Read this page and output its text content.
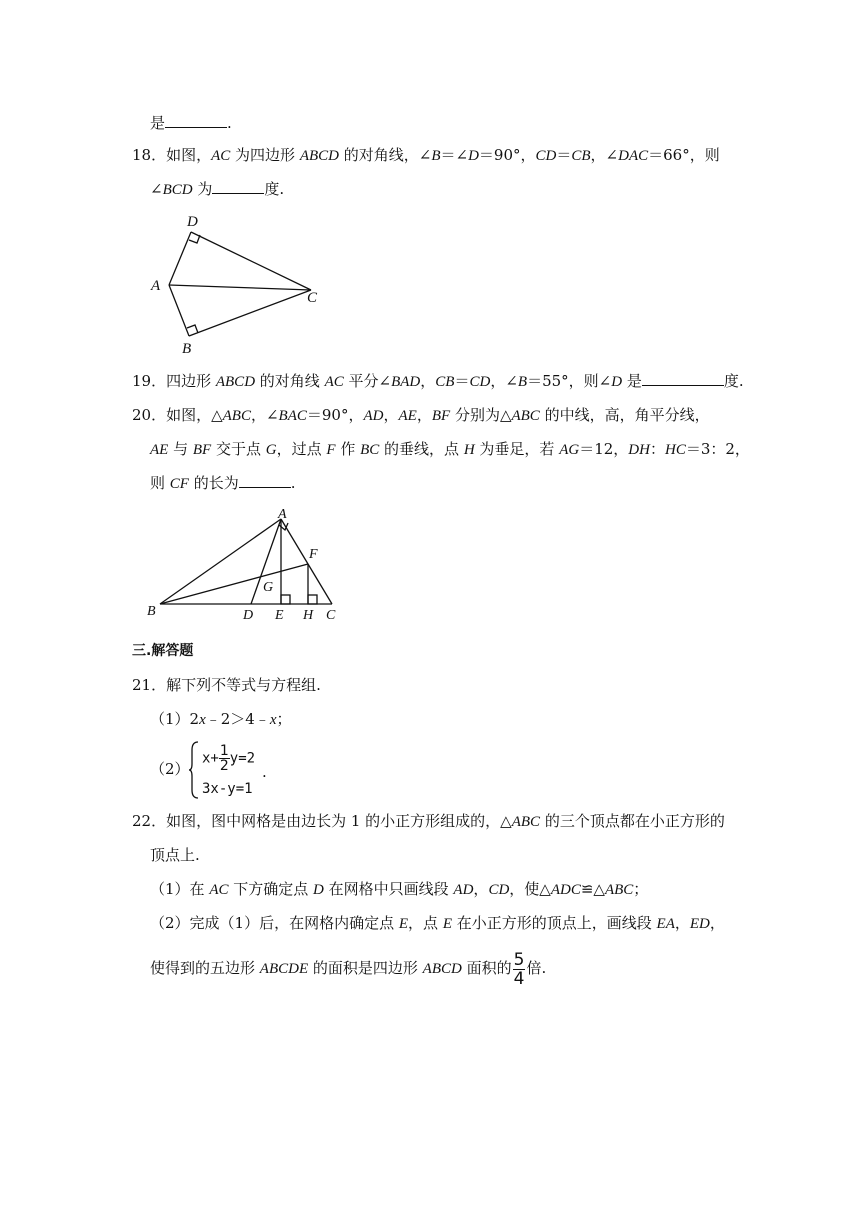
是	.
18．如图，AC 为四边形 ABCD 的对角线，∠B＝∠D＝90°，CD＝CB，∠DAC＝66°，则
∠BCD 为	度.
D
A
B
C
19．四边形 ABCD 的对角线 AC 平分∠BAD，CB＝CD，∠B＝55°，则∠D 是	度.
20．如图，△ABC，∠BAC＝90°，AD，AE，BF 分别为△ABC 的中线，高，角平分线，
AE 与 BF 交于点 G，过点 F 作 BC 的垂线，点 H 为垂足，若 AG＝12，DH：HC＝3：2，
则 CF 的长为	.
A
F
G
B	D E H C
三.解答题
21．解下列不等式与方程组.
（1）2x﹣2＞4﹣x；
（2）
$x+ \frac{1}{2} y=2$
3x-y=1
.
22．如图，图中网格是由边长为 1 的小正方形组成的，△ABC 的三个顶点都在小正方形的
顶点上.
（1）在 AC 下方确定点 D 在网格中只画线段 AD，CD，使△ADC≌△ABC；
（2）完成（1）后，在网格内确定点 E，点 E 在小正方形的顶点上，画线段 EA，ED，
使得到的五边形 ABCDE 的面积是四边形 ABCD 面积的 $\frac{5}{4}$ 倍.
